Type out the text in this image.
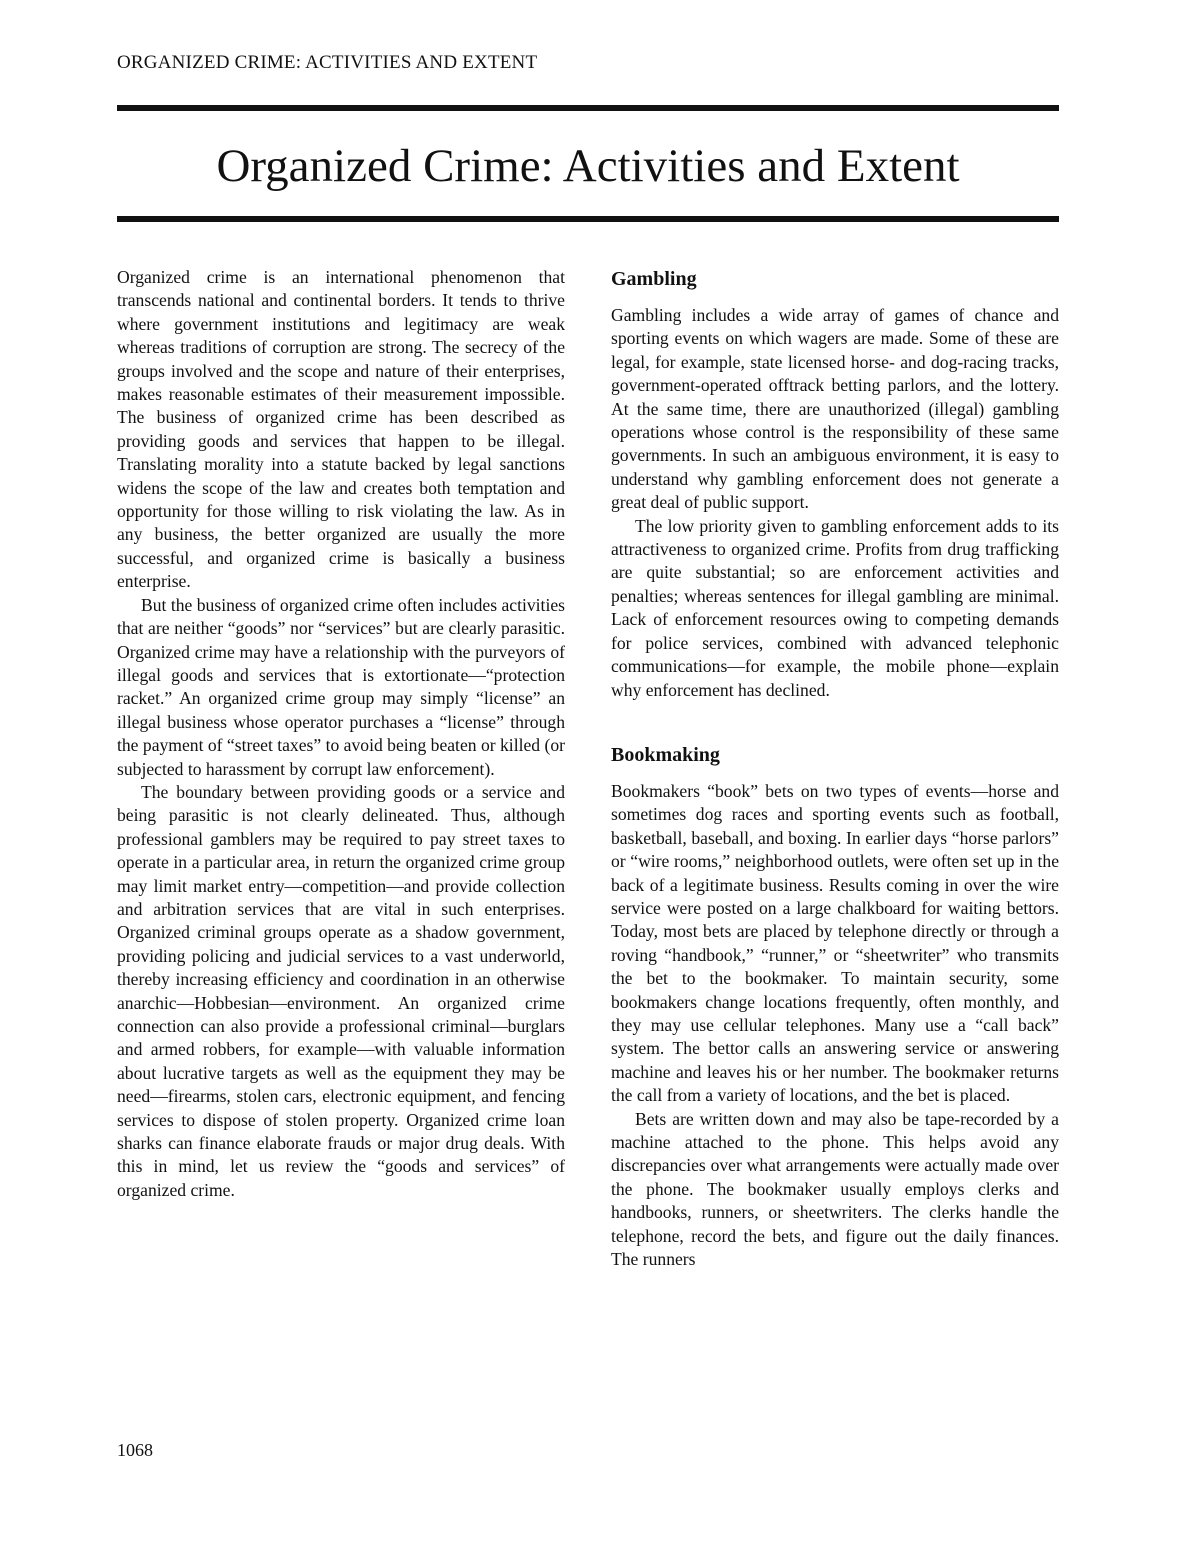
ORGANIZED CRIME: ACTIVITIES AND EXTENT
Organized Crime: Activities and Extent

Organized crime is an international phenomenon that transcends national and continental borders. It tends to thrive where government institutions and legitimacy are weak whereas traditions of corruption are strong. The secrecy of the groups involved and the scope and nature of their enterprises, makes reasonable estimates of their measurement impossible. The business of organized crime has been described as providing goods and services that happen to be illegal. Translating morality into a statute backed by legal sanctions widens the scope of the law and creates both temptation and opportunity for those willing to risk violating the law. As in any business, the better organized are usually the more successful, and organized crime is basically a business enterprise.

But the business of organized crime often includes activities that are neither “goods” nor “services” but are clearly parasitic. Organized crime may have a relationship with the purveyors of illegal goods and services that is extortionate—“protection racket.” An organized crime group may simply “license” an illegal business whose operator purchases a “license” through the payment of “street taxes” to avoid being beaten or killed (or subjected to harassment by corrupt law enforcement).

The boundary between providing goods or a service and being parasitic is not clearly delineated. Thus, although professional gamblers may be required to pay street taxes to operate in a particular area, in return the organized crime group may limit market entry—competition—and provide collection and arbitration services that are vital in such enterprises. Organized criminal groups operate as a shadow government, providing policing and judicial services to a vast underworld, thereby increasing efficiency and coordination in an otherwise anarchic—Hobbesian—environment. An organized crime connection can also provide a professional criminal—burglars and armed robbers, for example—with valuable information about lucrative targets as well as the equipment they may be need—firearms, stolen cars, electronic equipment, and fencing services to dispose of stolen property. Organized crime loan sharks can finance elaborate frauds or major drug deals. With this in mind, let us review the “goods and services” of organized crime.

Gambling

Gambling includes a wide array of games of chance and sporting events on which wagers are made. Some of these are legal, for example, state licensed horse- and dog-racing tracks, government-operated offtrack betting parlors, and the lottery. At the same time, there are unauthorized (illegal) gambling operations whose control is the responsibility of these same governments. In such an ambiguous environment, it is easy to understand why gambling enforcement does not generate a great deal of public support.

The low priority given to gambling enforcement adds to its attractiveness to organized crime. Profits from drug trafficking are quite substantial; so are enforcement activities and penalties; whereas sentences for illegal gambling are minimal. Lack of enforcement resources owing to competing demands for police services, combined with advanced telephonic communications—for example, the mobile phone—explain why enforcement has declined.

Bookmaking

Bookmakers “book” bets on two types of events—horse and sometimes dog races and sporting events such as football, basketball, baseball, and boxing. In earlier days “horse parlors” or “wire rooms,” neighborhood outlets, were often set up in the back of a legitimate business. Results coming in over the wire service were posted on a large chalkboard for waiting bettors. Today, most bets are placed by telephone directly or through a roving “handbook,” “runner,” or “sheetwriter” who transmits the bet to the bookmaker. To maintain security, some bookmakers change locations frequently, often monthly, and they may use cellular telephones. Many use a “call back” system. The bettor calls an answering service or answering machine and leaves his or her number. The bookmaker returns the call from a variety of locations, and the bet is placed.

Bets are written down and may also be tape-recorded by a machine attached to the phone. This helps avoid any discrepancies over what arrangements were actually made over the phone. The bookmaker usually employs clerks and handbooks, runners, or sheetwriters. The clerks handle the telephone, record the bets, and figure out the daily finances. The runners

1068
